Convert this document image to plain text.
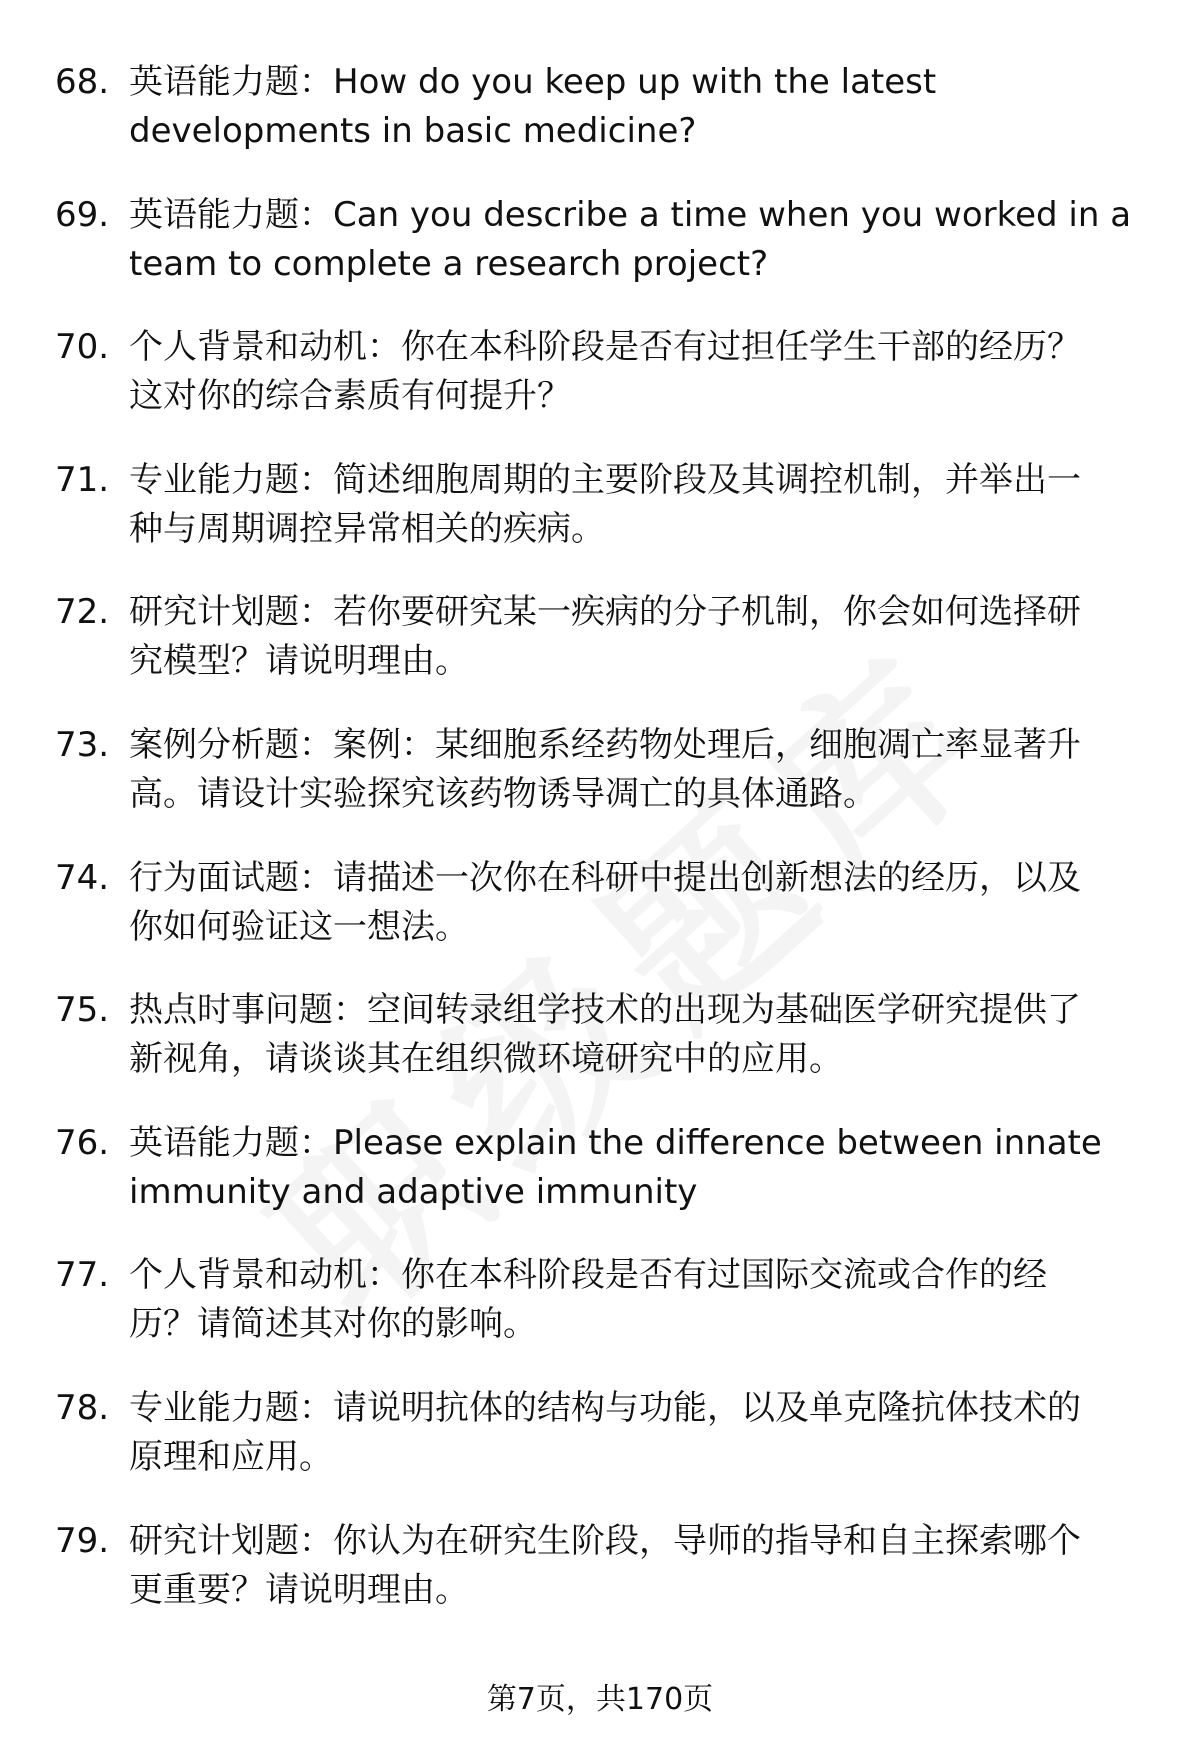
68. 英语能力题：How do you keep up with the latest
developments in basic medicine?
69. 英语能力题：Can you describe a time when you worked in a
team to complete a research project?
70. 个人背景和动机：你在本科阶段是否有过担任学生干部的经历？
这对你的综合素质有何提升？
71. 专业能力题：简述细胞周期的主要阶段及其调控机制，并举出一
种与周期调控异常相关的疾病。
72. 研究计划题：若你要研究某一疾病的分子机制，你会如何选择研
究模型？请说明理由。
73. 案例分析题：案例：某细胞系经药物处理后，细胞凋亡率显著升
高。请设计实验探究该药物诱导凋亡的具体通路。
74. 行为面试题：请描述一次你在科研中提出创新想法的经历，以及
你如何验证这一想法。
75. 热点时事问题：空间转录组学技术的出现为基础医学研究提供了
新视角，请谈谈其在组织微环境研究中的应用。
76. 英语能力题：Please explain the difference between innate
immunity and adaptive immunity
77. 个人背景和动机：你在本科阶段是否有过国际交流或合作的经
历？请简述其对你的影响。
78. 专业能力题：请说明抗体的结构与功能，以及单克隆抗体技术的
原理和应用。
79. 研究计划题：你认为在研究生阶段，导师的指导和自主探索哪个
更重要？请说明理由。
第7页，共170页
